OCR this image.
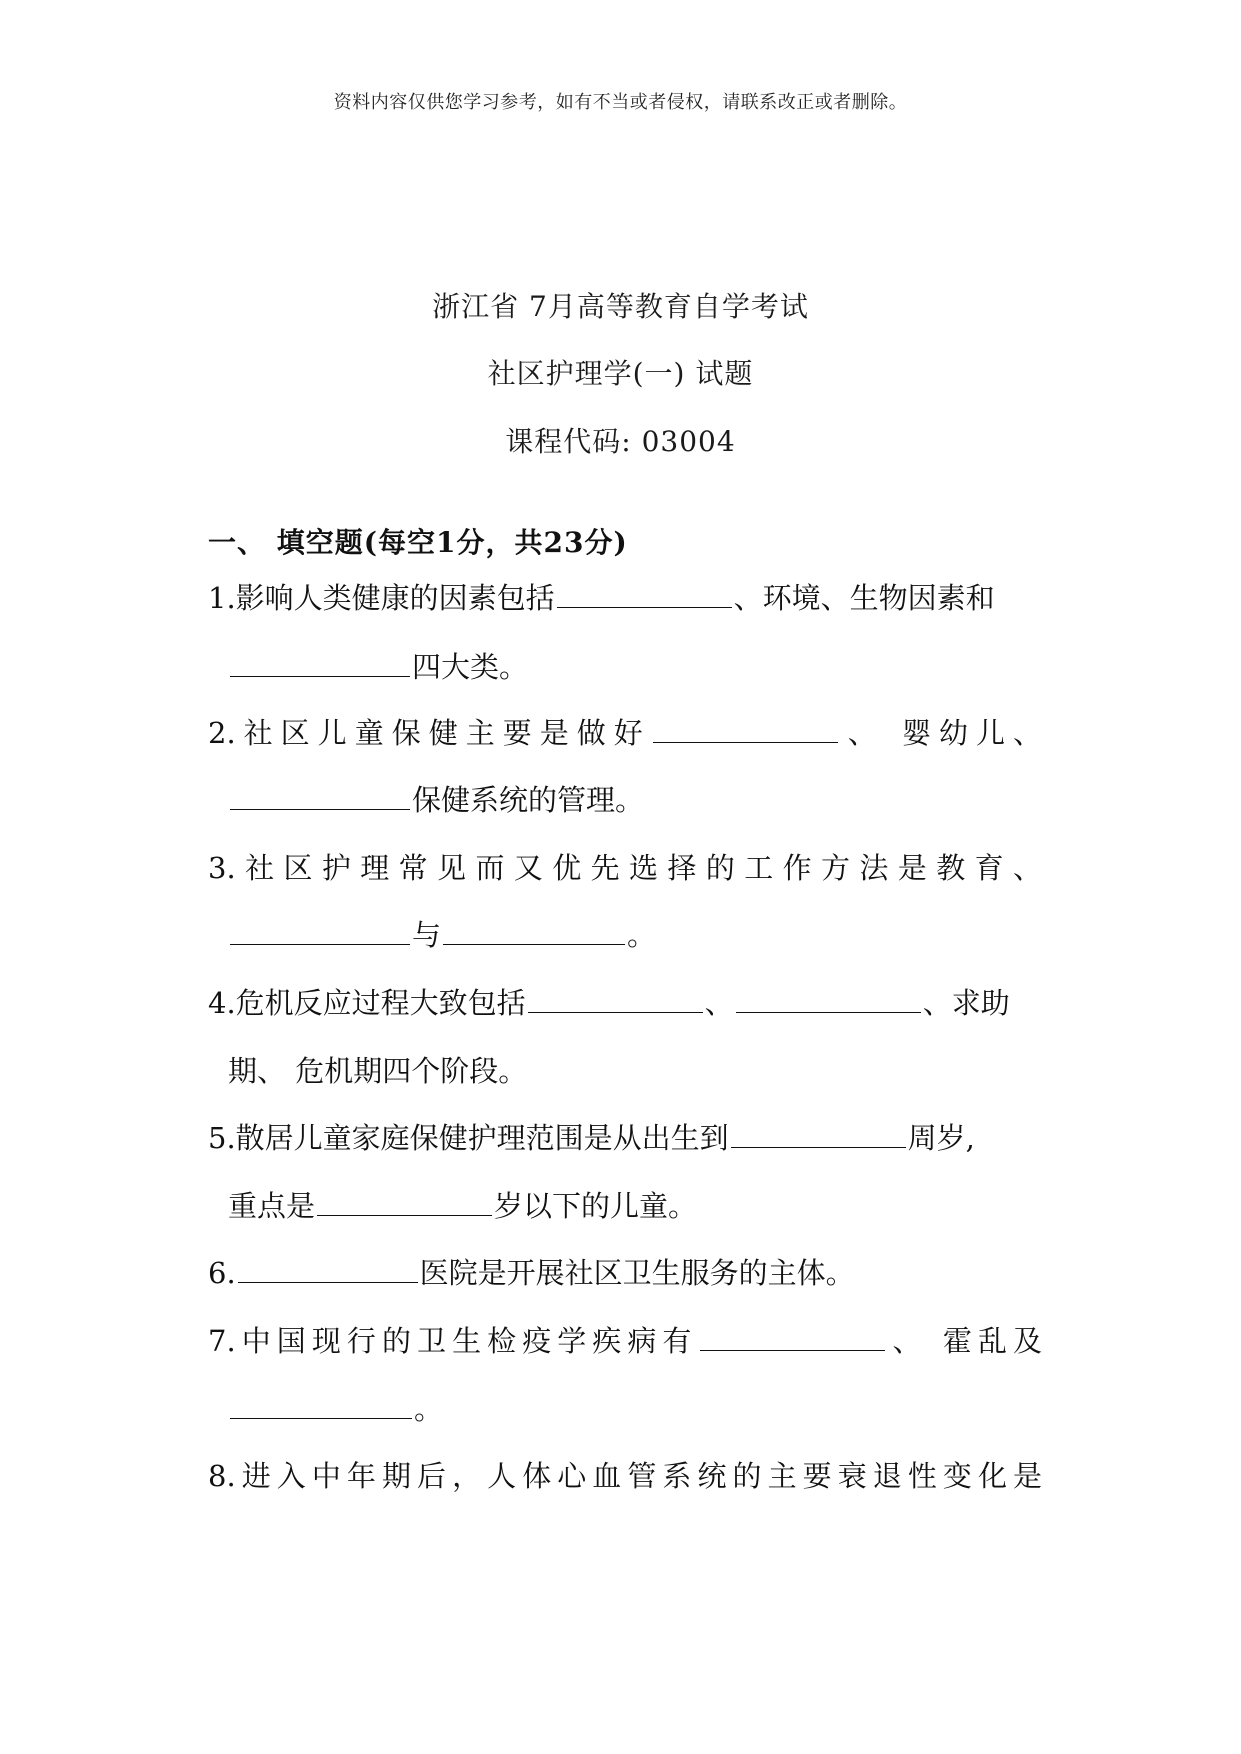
资料内容仅供您学习参考，如有不当或者侵权，请联系改正或者删除。
浙江省 7月高等教育自学考试
社区护理学(一) 试题
课程代码: 03004
一、 填空题(每空1分，共23分)
1.影响人类健康的因素包括	、环境、生物因素和
四大类。
2.社区儿童保健主要是做好	、 婴幼儿、
保健系统的管理。
3.社区护理常见而又优先选择的工作方法是教育、
与	。
4.危机反应过程大致包括	、	、求助
期、 危机期四个阶段。
5.散居儿童家庭保健护理范围是从出生到	周岁,
重点是	岁以下的儿童。
6.	医院是开展社区卫生服务的主体。
7.中国现行的卫生检疫学疾病有	、 霍乱及
。
8.进入中年期后，人体心血管系统的主要衰退性变化是
